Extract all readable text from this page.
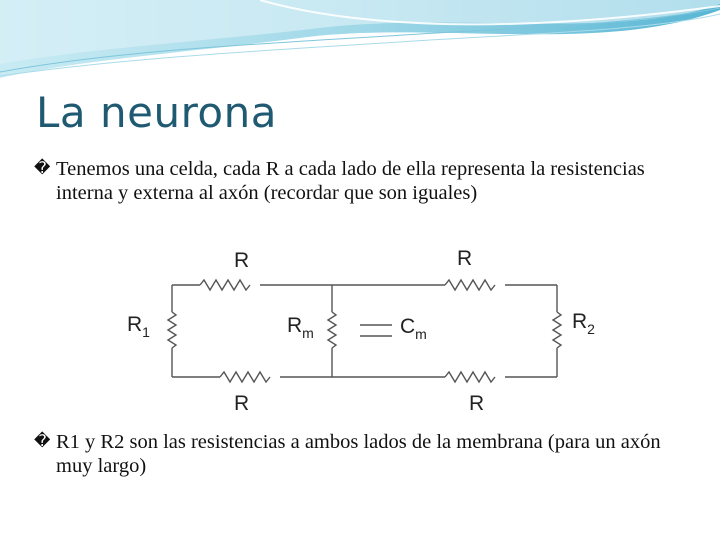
La neurona
� Tenemos una celda, cada R a cada lado de ella representa la resistencias interna y externa al axón (recordar que son iguales)
R	R
R	R
$R_1$	$R_m$	$C_m$
$R_2$
� R1 y R2 son las resistencias a ambos lados de la membrana (para un axón muy largo)
